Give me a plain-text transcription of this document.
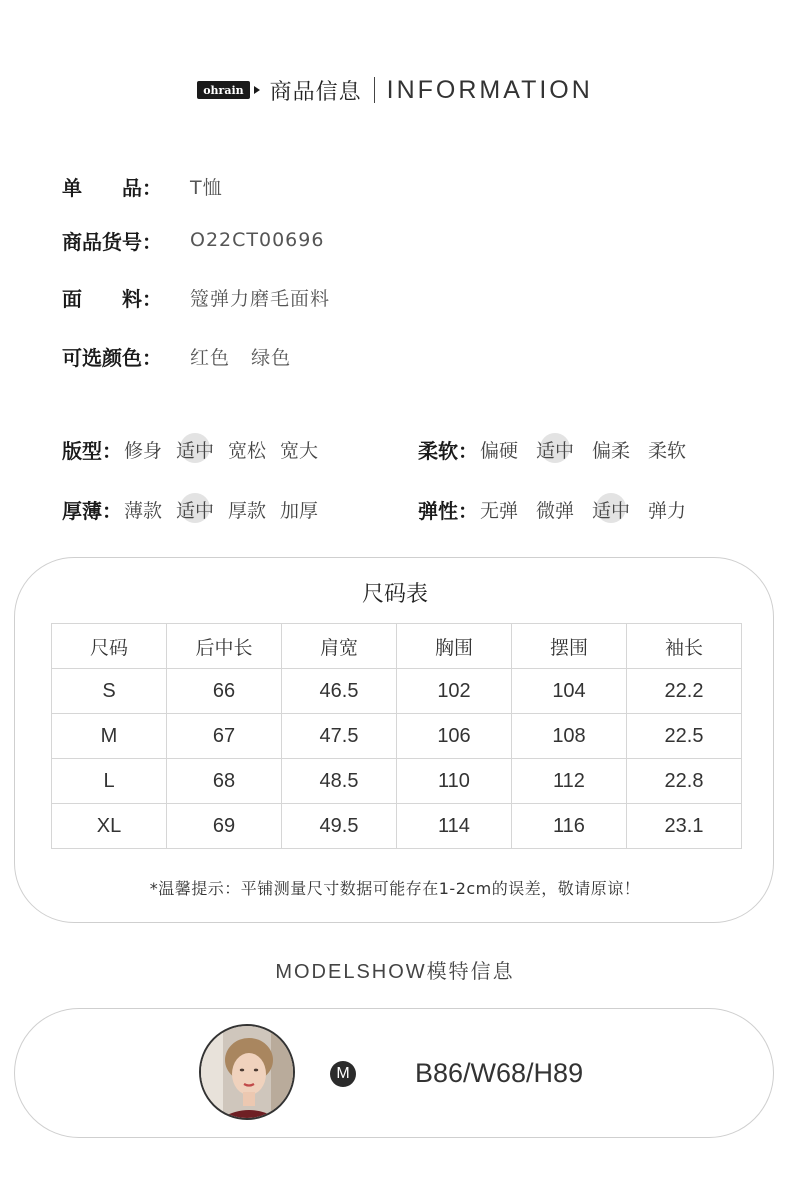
ohrain 商品信息 INFORMATION
单　　品：	T恤
商品货号：	O22CT00696
面　　料：	簆弹力磨毛面料
可选颜色：	红色   绿色
版型： 修身 适中 宽松 宽大	柔软： 偏硬 适中 偏柔 柔软
厚薄： 薄款 适中 厚款 加厚	弹性： 无弹 微弹 适中 弹力
尺码表
尺码	后中长	肩宽	胸围	摆围	袖长
S	66	46.5	102	104	22.2
M	67	47.5	106	108	22.5
L	68	48.5	110	112	22.8
XL	69	49.5	114	116	23.1
*温馨提示：平铺测量尺寸数据可能存在1-2cm的误差，敬请原谅！
MODELSHOW模特信息
M B86/W68/H89
